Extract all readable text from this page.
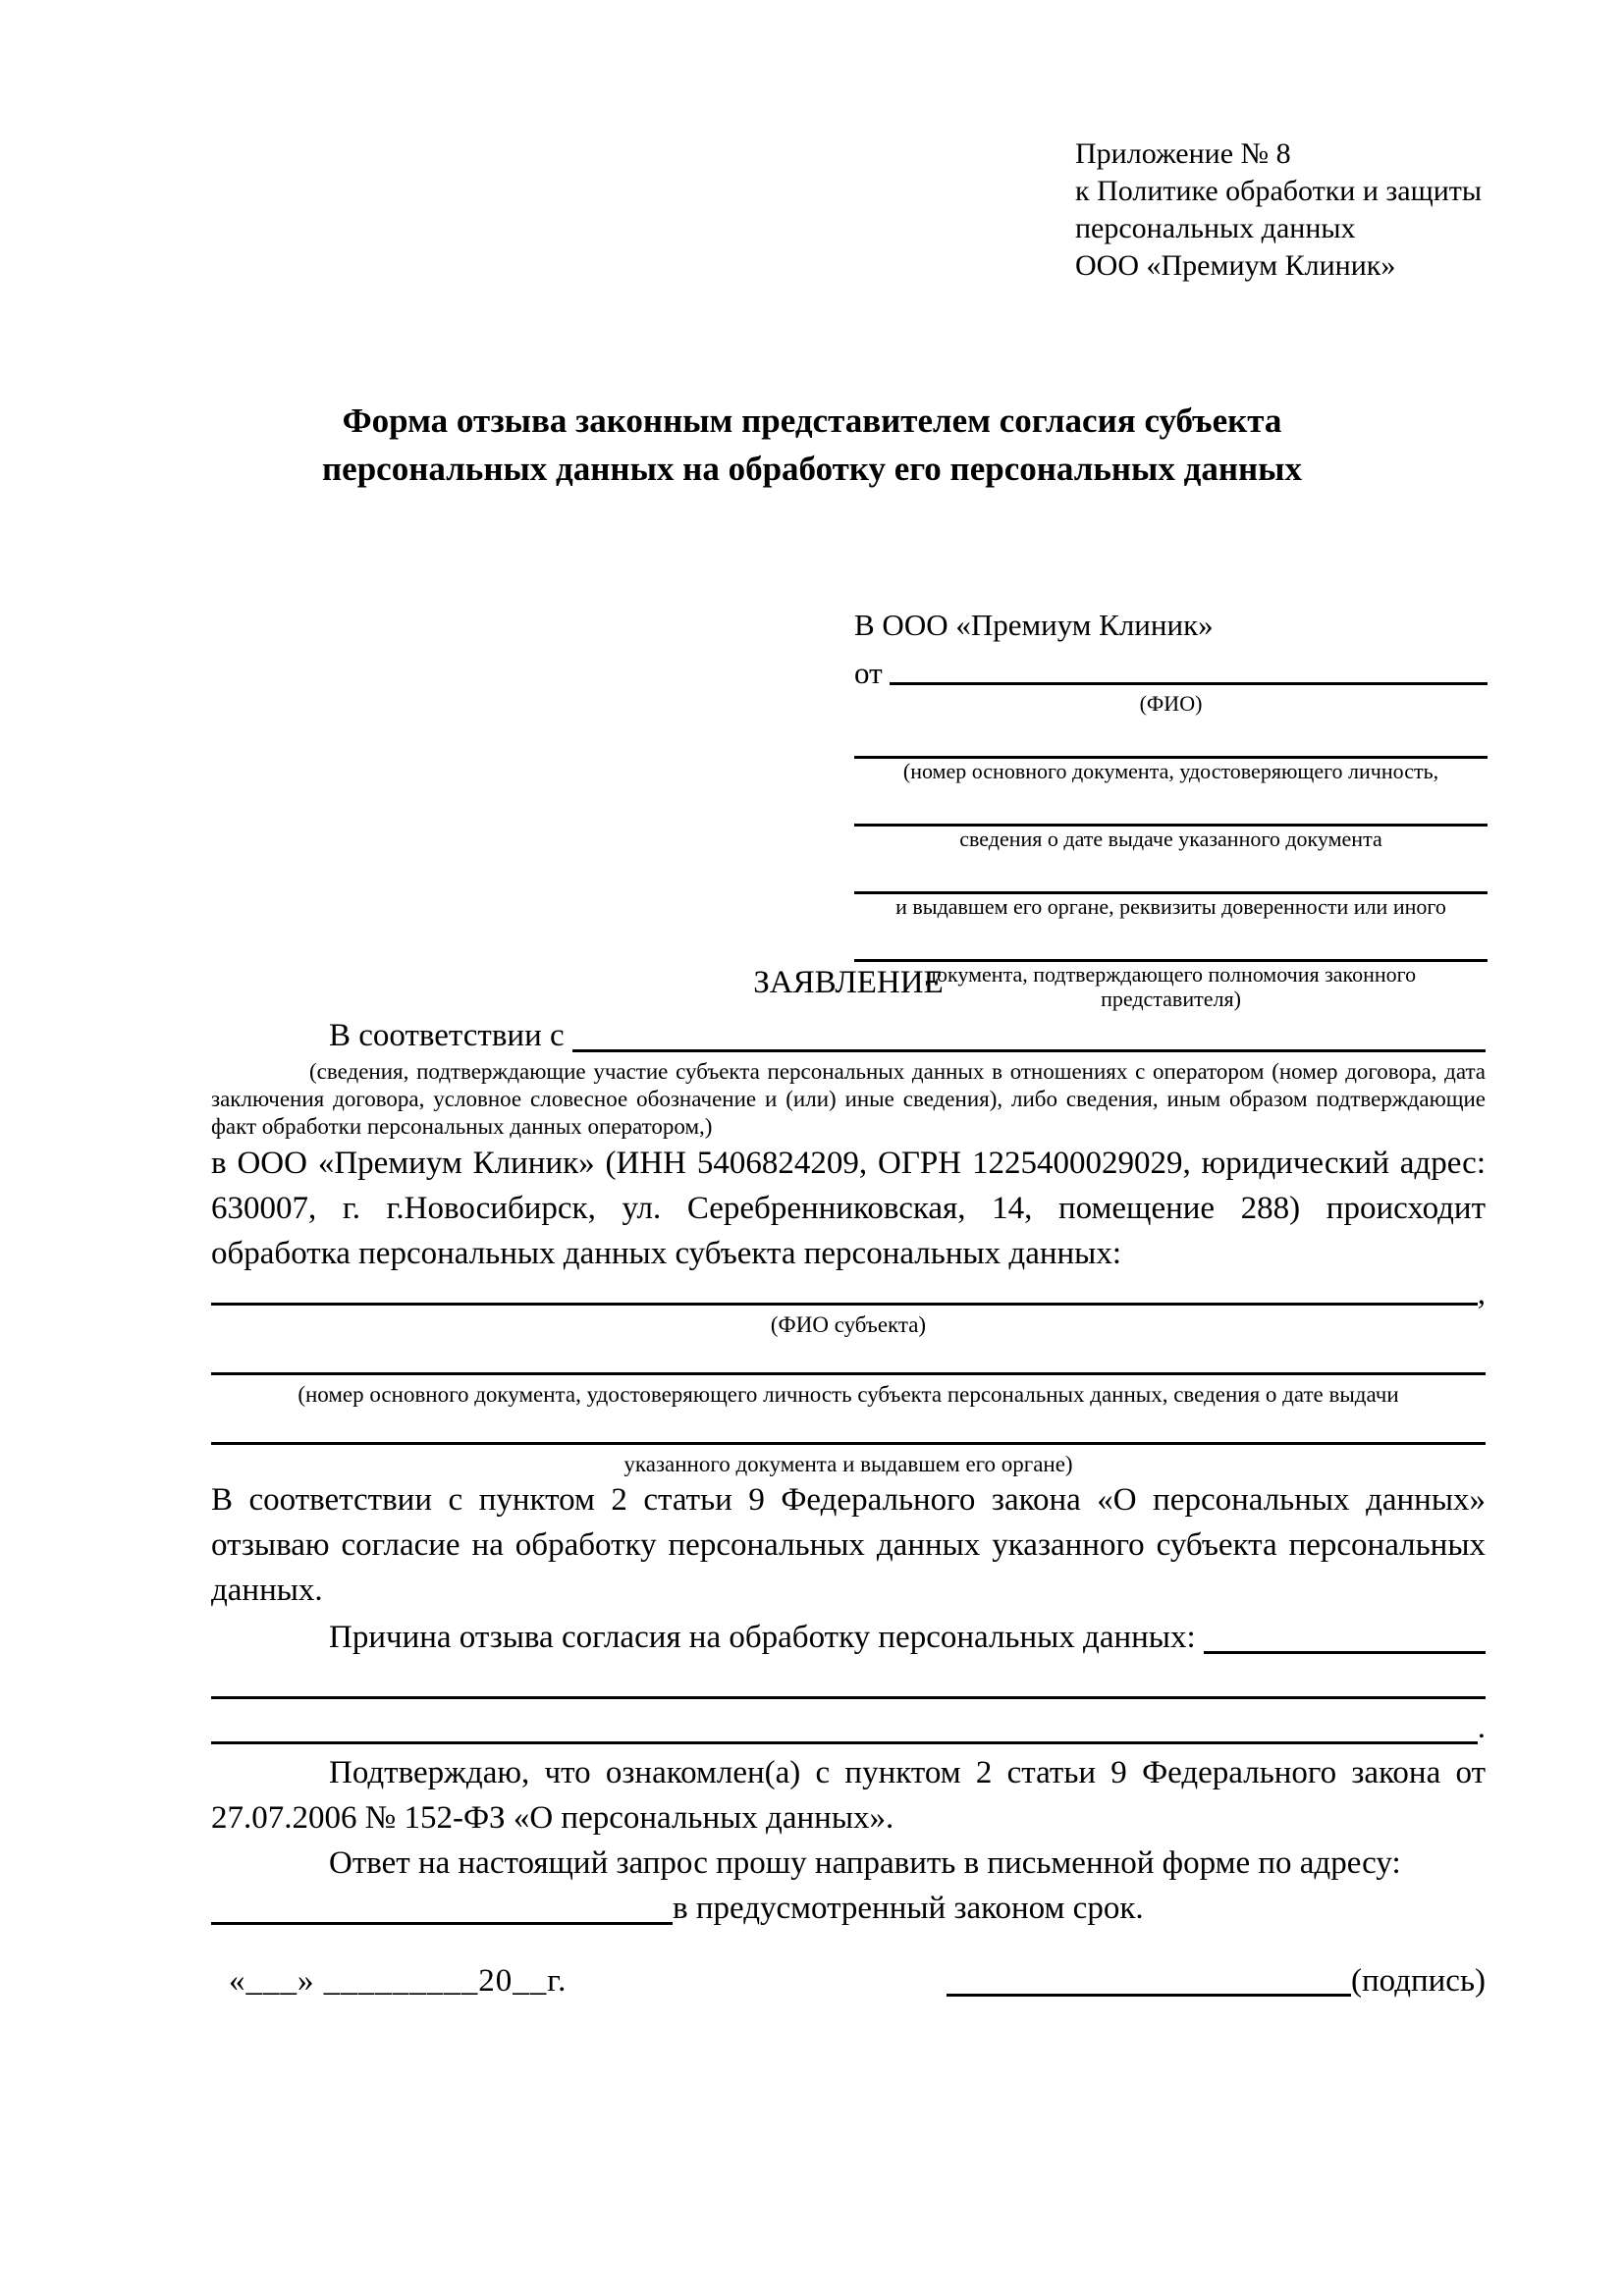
Приложение № 8
к Политике обработки и защиты
персональных данных
ООО «Премиум Клиник»
Форма отзыва законным представителем согласия субъекта
персональных данных на обработку его персональных данных
В ООО «Премиум Клиник»
от
(ФИО)
(номер основного документа, удостоверяющего личность,
сведения о дате выдаче указанного документа
и выдавшем его органе, реквизиты доверенности или иного
документа, подтверждающего полномочия законного представителя)
ЗАЯВЛЕНИЕ
В соответствии с
(сведения, подтверждающие участие субъекта персональных данных в отношениях с оператором (номер договора, дата заключения договора, условное словесное обозначение и (или) иные сведения), либо сведения, иным образом подтверждающие факт обработки персональных данных оператором,)
в ООО «Премиум Клиник» (ИНН 5406824209, ОГРН 1225400029029, юридический адрес: 630007, г. г.Новосибирск, ул. Серебренниковская, 14, помещение 288) происходит обработка персональных данных субъекта персональных данных:
,
(ФИО субъекта)
(номер основного документа, удостоверяющего личность субъекта персональных данных, сведения о дате выдачи
указанного документа и выдавшем его органе)
В соответствии с пунктом 2 статьи 9 Федерального закона «О персональных данных» отзываю согласие на обработку персональных данных указанного субъекта персональных данных.
Причина отзыва согласия на обработку персональных данных:
.
Подтверждаю, что ознакомлен(а) с пунктом 2 статьи 9 Федерального закона от 27.07.2006 № 152-ФЗ «О персональных данных».
Ответ на настоящий запрос прошу направить в письменной форме по адресу:
в предусмотренный законом срок.
«___» _________20__г.	(подпись)
